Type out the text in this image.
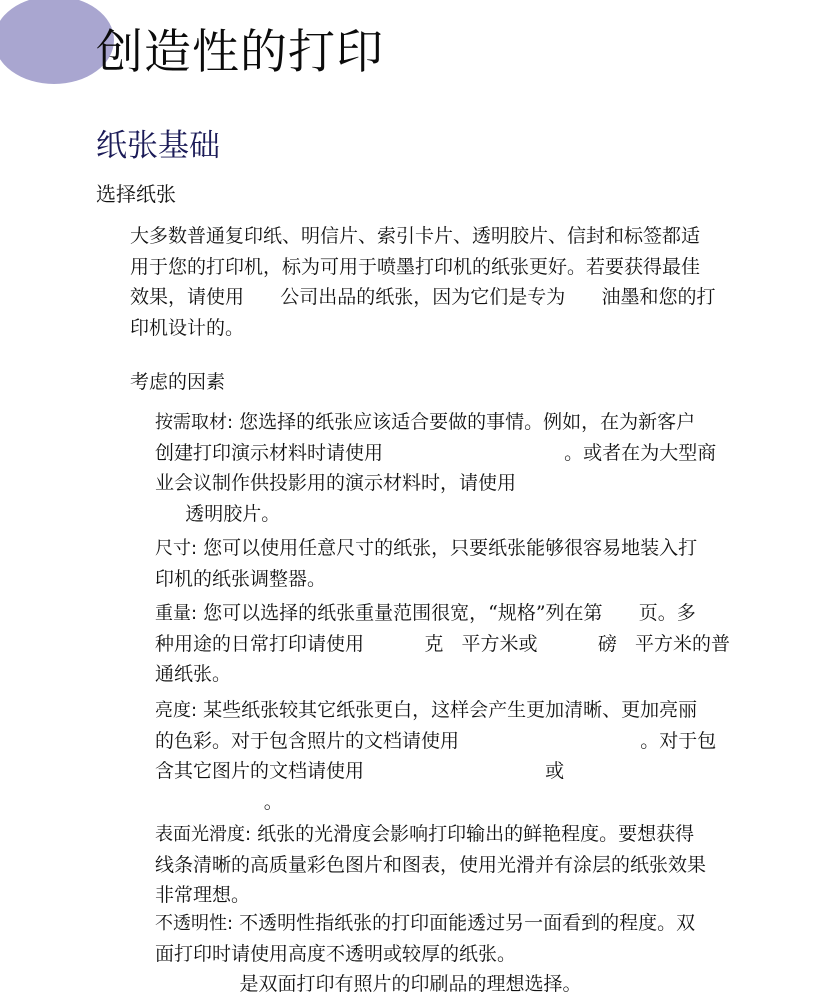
创造性的打印
纸张基础
选择纸张
大多数普通复印纸、明信片、索引卡片、透明胶片、信封和标签都适
用于您的打印机，标为可用于喷墨打印机的纸张更好。若要获得最佳
效果，请使用      公司出品的纸张，因为它们是专为      油墨和您的打
印机设计的。
考虑的因素
按需取材: 您选择的纸张应该适合要做的事情。例如，在为新客户
创建打印演示材料时请使用                              。或者在为大型商
业会议制作供投影用的演示材料时，请使用
透明胶片。
尺寸: 您可以使用任意尺寸的纸张，只要纸张能够很容易地装入打
印机的纸张调整器。
重量: 您可以选择的纸张重量范围很宽，“规格”列在第      页。多
种用途的日常打印请使用          克   平方米或          磅   平方米的普
通纸张。
亮度: 某些纸张较其它纸张更白，这样会产生更加清晰、更加亮丽
的色彩。对于包含照片的文档请使用                              。对于包
含其它图片的文档请使用                              或
。
表面光滑度: 纸张的光滑度会影响打印输出的鲜艳程度。要想获得
线条清晰的高质量彩色图片和图表，使用光滑并有涂层的纸张效果
非常理想。
不透明性: 不透明性指纸张的打印面能透过另一面看到的程度。双
面打印时请使用高度不透明或较厚的纸张。
是双面打印有照片的印刷品的理想选择。
